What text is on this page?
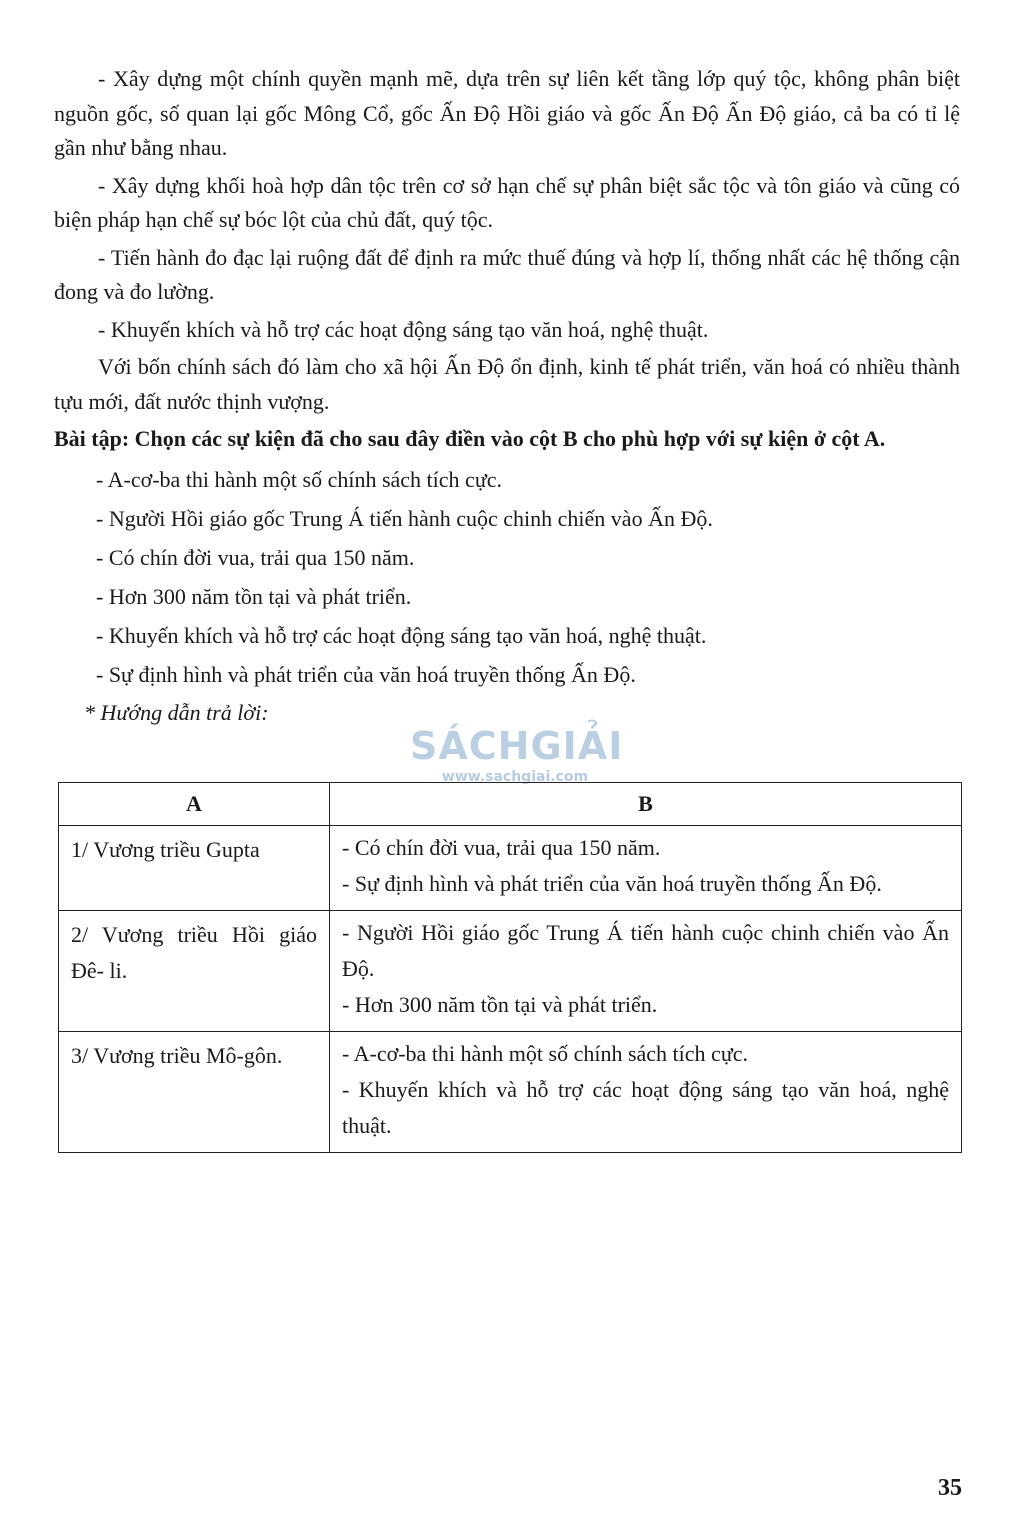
- Xây dựng một chính quyền mạnh mẽ, dựa trên sự liên kết tầng lớp quý tộc, không phân biệt nguồn gốc, số quan lại gốc Mông Cổ, gốc Ấn Độ Hồi giáo và gốc Ấn Độ Ấn Độ giáo, cả ba có tỉ lệ gần như bằng nhau.

- Xây dựng khối hoà hợp dân tộc trên cơ sở hạn chế sự phân biệt sắc tộc và tôn giáo và cũng có biện pháp hạn chế sự bóc lột của chủ đất, quý tộc.

- Tiến hành đo đạc lại ruộng đất để định ra mức thuế đúng và hợp lí, thống nhất các hệ thống cận đong và đo lường.

- Khuyến khích và hỗ trợ các hoạt động sáng tạo văn hoá, nghệ thuật.

Với bốn chính sách đó làm cho xã hội Ấn Độ ổn định, kinh tế phát triển, văn hoá có nhiều thành tựu mới, đất nước thịnh vượng.

Bài tập: Chọn các sự kiện đã cho sau đây điền vào cột B cho phù hợp với sự kiện ở cột A.

- A-cơ-ba thi hành một số chính sách tích cực.
- Người Hồi giáo gốc Trung Á tiến hành cuộc chinh chiến vào Ấn Độ.
- Có chín đời vua, trải qua 150 năm.
- Hơn 300 năm tồn tại và phát triển.
- Khuyến khích và hỗ trợ các hoạt động sáng tạo văn hoá, nghệ thuật.
- Sự định hình và phát triển của văn hoá truyền thống Ấn Độ.

* Hướng dẫn trả lời:

SÁCHGIẢI
www.sachgiai.com
A	B
1/ Vương triều Gupta	- Có chín đời vua, trải qua 150 năm.
- Sự định hình và phát triển của văn hoá truyền thống Ấn Độ.

2/ Vương triều Hồi giáo Đê- li.	- Người Hồi giáo gốc Trung Á tiến hành cuộc chinh chiến vào Ấn Độ.
- Hơn 300 năm tồn tại và phát triển.

3/ Vương triều Mô-gôn.	- A-cơ-ba thi hành một số chính sách tích cực.
- Khuyến khích và hỗ trợ các hoạt động sáng tạo văn hoá, nghệ thuật.
35
